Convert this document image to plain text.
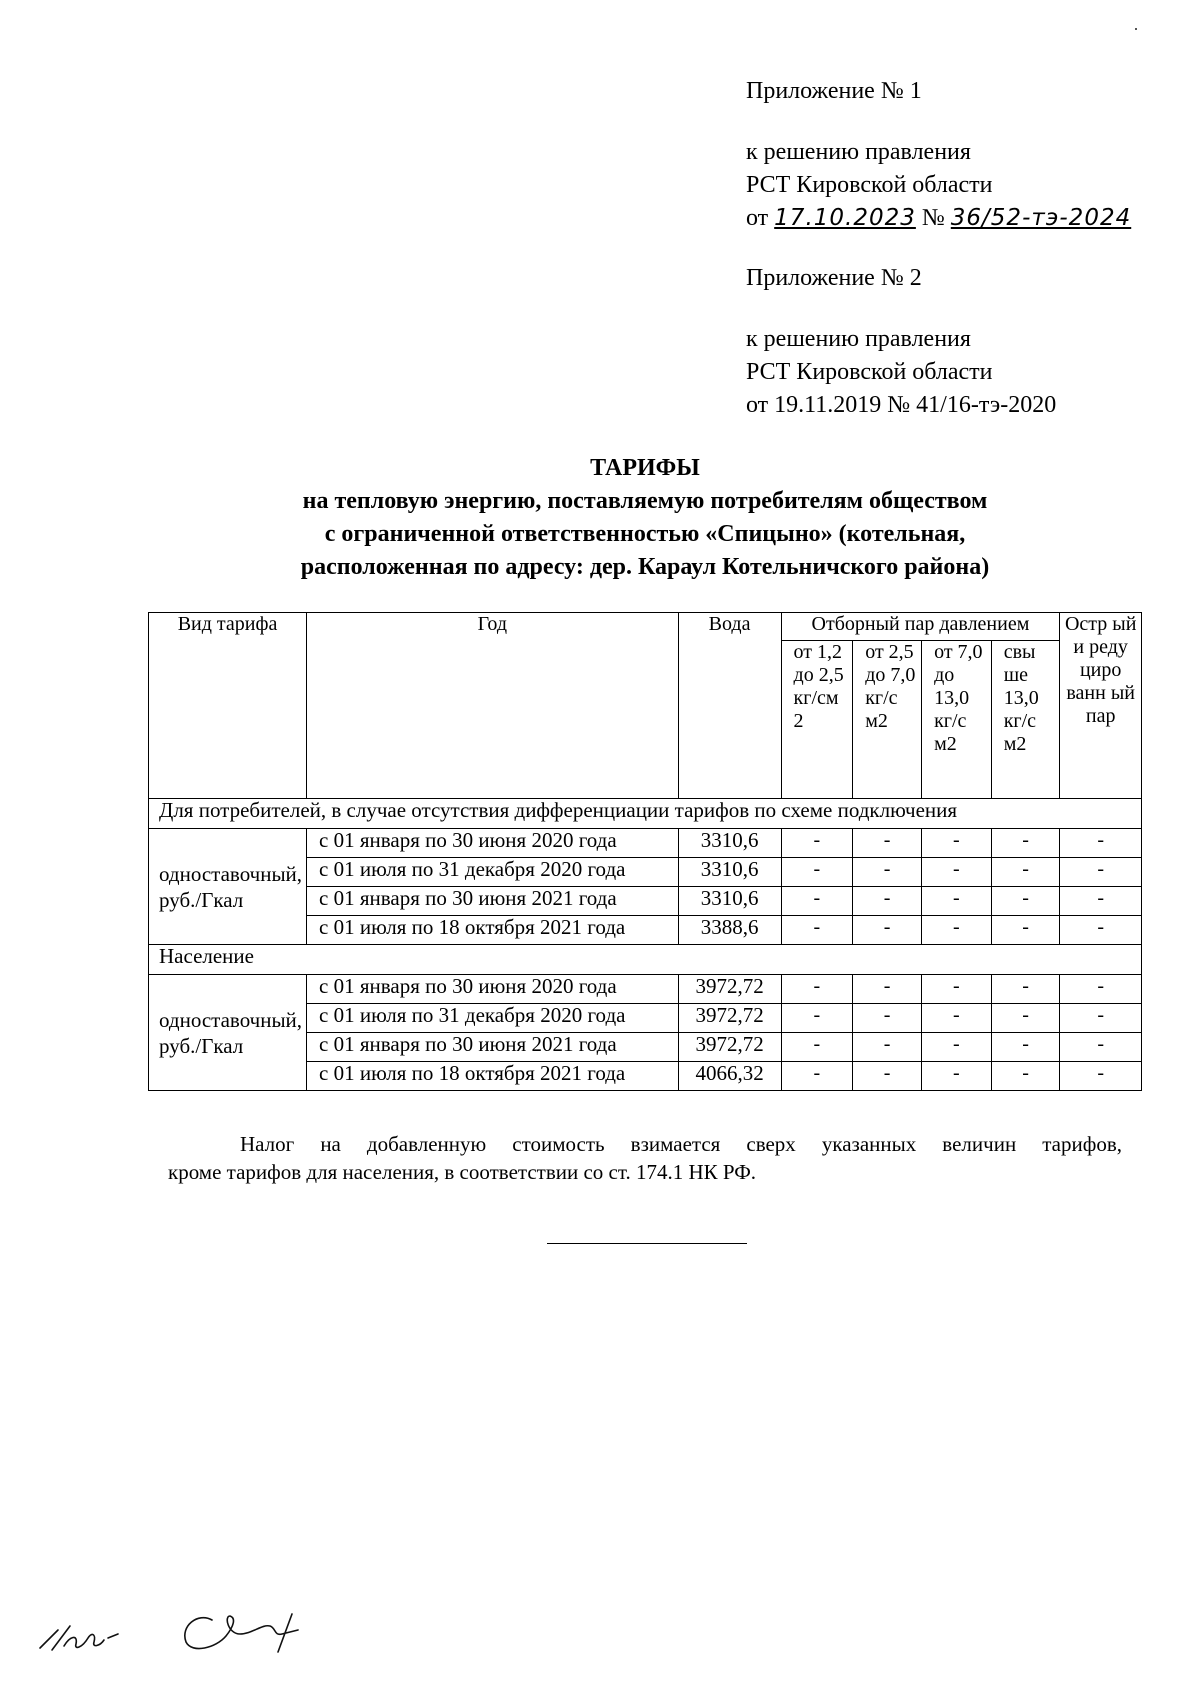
Приложение № 1

к решению правления

РСТ Кировской области

от 17.10.2023 № 36/52-тэ-2024

Приложение № 2

к решению правления

РСТ Кировской области

от 19.11.2019 № 41/16-тэ-2020

ТАРИФЫ

на тепловую энергию, поставляемую потребителям обществом

с ограниченной ответственностью «Спицыно» (котельная,

расположенная по адресу: дер. Караул Котельничского района)

Вид тарифа	Год	Вода	Отборный пар давлением				Остр ый и реду циро ванн ый пар
			от 1,2 до 2,5 кг/см 2	от 2,5 до 7,0 кг/с м2	от 7,0 до 13,0 кг/с м2	свы ше 13,0 кг/с м2	
Для потребителей, в случае отсутствия дифференциации тарифов по схеме подключения							
одноставочный, руб./Гкал	с 01 января по 30 июня 2020 года	3310,6	-	-	-	-	-
	с 01 июля по 31 декабря 2020 года	3310,6	-	-	-	-	-
	с 01 января по 30 июня 2021 года	3310,6	-	-	-	-	-
	с 01 июля по 18 октября 2021 года	3388,6	-	-	-	-	-
Население							
одноставочный, руб./Гкал	с 01 января по 30 июня 2020 года	3972,72	-	-	-	-	-
	с 01 июля по 31 декабря 2020 года	3972,72	-	-	-	-	-
	с 01 января по 30 июня 2021 года	3972,72	-	-	-	-	-
	с 01 июля по 18 октября 2021 года	4066,32	-	-	-	-	-

Налог на добавленную стоимость взимается сверх указанных величин тарифов,

кроме тарифов для населения, в соответствии со ст. 174.1 НК РФ.
